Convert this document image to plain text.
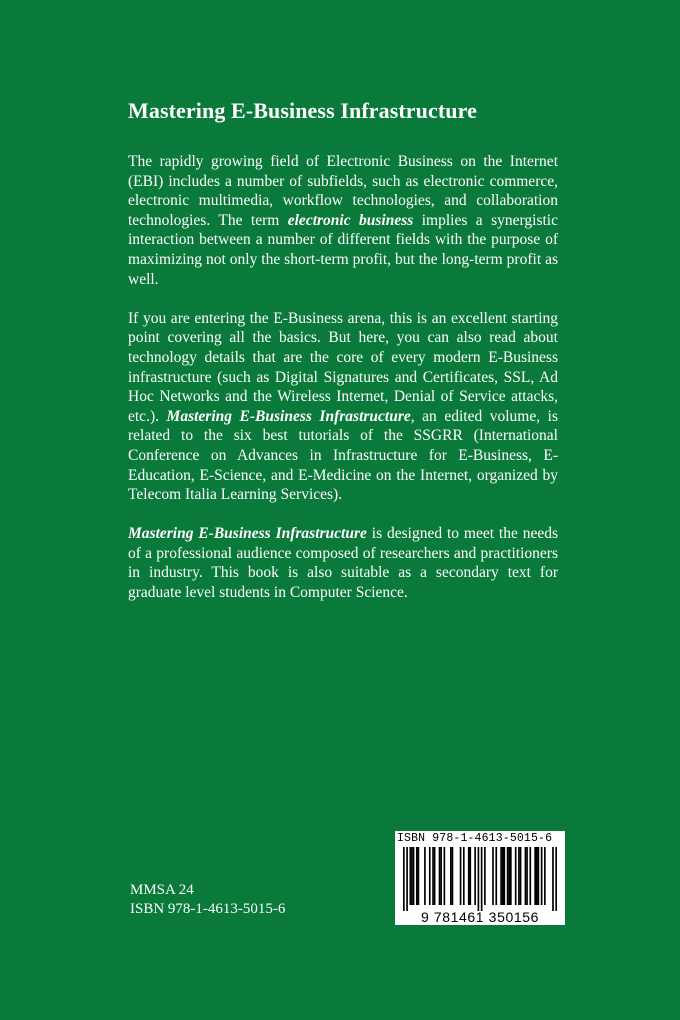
Mastering E-Business Infrastructure

The rapidly growing field of Electronic Business on the Internet (EBI) includes a number of subfields, such as electronic commerce, electronic multimedia, workflow technologies, and collaboration technologies. The term electronic business implies a synergistic interaction between a number of different fields with the purpose of maximizing not only the short-term profit, but the long-term profit as well.

If you are entering the E-Business arena, this is an excellent starting point covering all the basics. But here, you can also read about technology details that are the core of every modern E-Business infrastructure (such as Digital Signatures and Certificates, SSL, Ad Hoc Networks and the Wireless Internet, Denial of Service attacks, etc.). Mastering E-Business Infrastructure, an edited volume, is related to the six best tutorials of the SSGRR (International Conference on Advances in Infrastructure for E-Business, E-Education, E-Science, and E-Medicine on the Internet, organized by Telecom Italia Learning Services).

Mastering E-Business Infrastructure is designed to meet the needs of a professional audience composed of researchers and practitioners in industry. This book is also suitable as a secondary text for graduate level students in Computer Science.

MMSA 24
ISBN 978-1-4613-5015-6
ISBN 978-1-4613-5015-6
9 781461 350156
